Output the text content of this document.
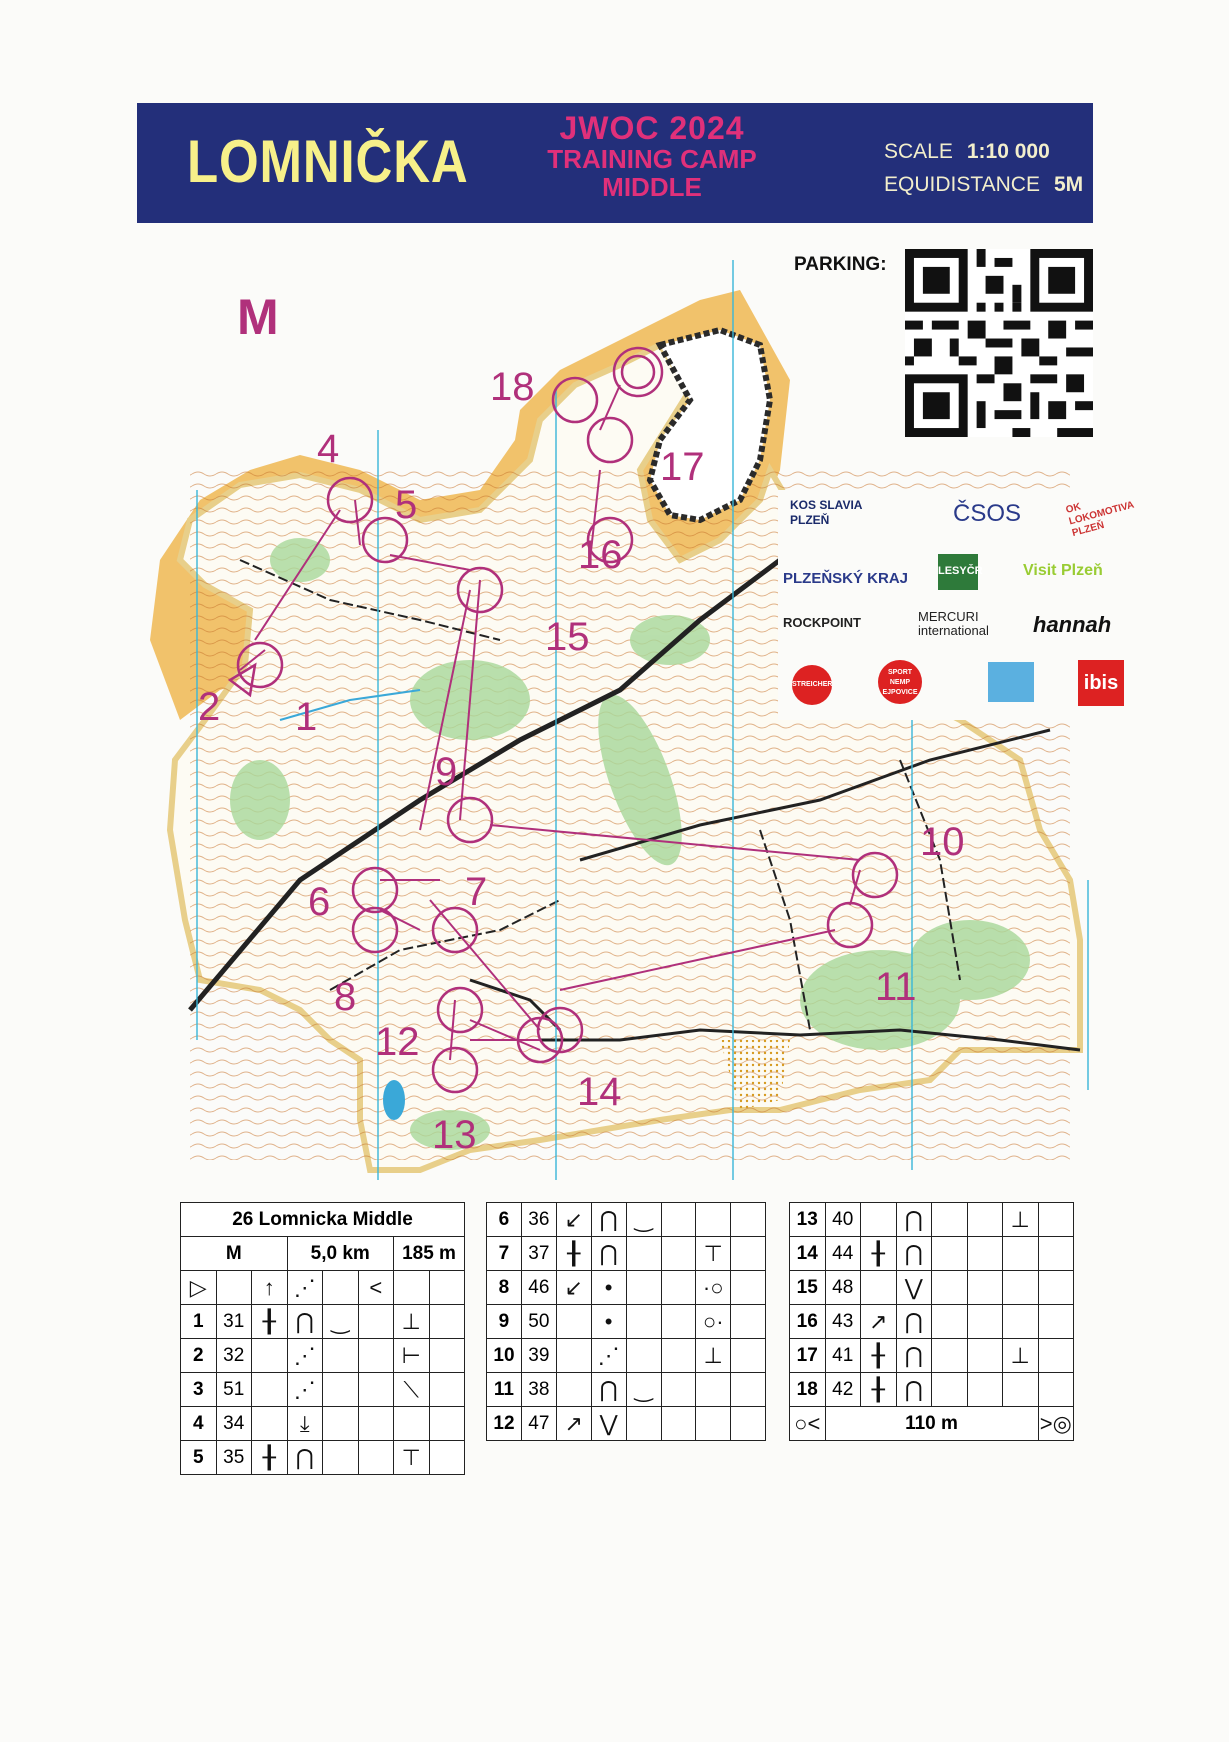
LOMNIČKA	JWOC 2024
TRAINING CAMP
MIDDLE
SCALE 1:10 000
EQUIDISTANCE 5M
M
PARKING:
1
2
4
5
6	7
8
9
10
11
12
13
14
15
16
17
18
KOS SLAVIA PLZEŇ	ČSOS	OK LOKOMOTIVA PLZEŇ
PLZEŇSKÝ KRAJ	LESYČR	Visit Plzeň
ROCKPOINT	MERCURI international	hannah
STREICHER
SPORT NEMP EJPOVICE	ibis
26 Lomnicka Middle							
M			5,0 km			185 m	
▷		↑	⋰		<		
1	31	╂	⋂	‿		⊥	
2	32		⋰			⊢	
3	51		⋰			⟍	
4	34		⤓				
5	35	╂	⋂			⊤	
6	36	↙	⋂	‿			
7	37	╂	⋂			⊤	
8	46	↙	•			·○	
9	50		•			○·	
10	39		⋰			⊥	
11	38		⋂	‿			
12	47	↗	⋁				
13	40		⋂			⊥	
14	44	╂	⋂				
15	48		⋁				
16	43	↗	⋂				
17	41	╂	⋂			⊥	
18	42	╂	⋂				
○<	110 m						>◎
